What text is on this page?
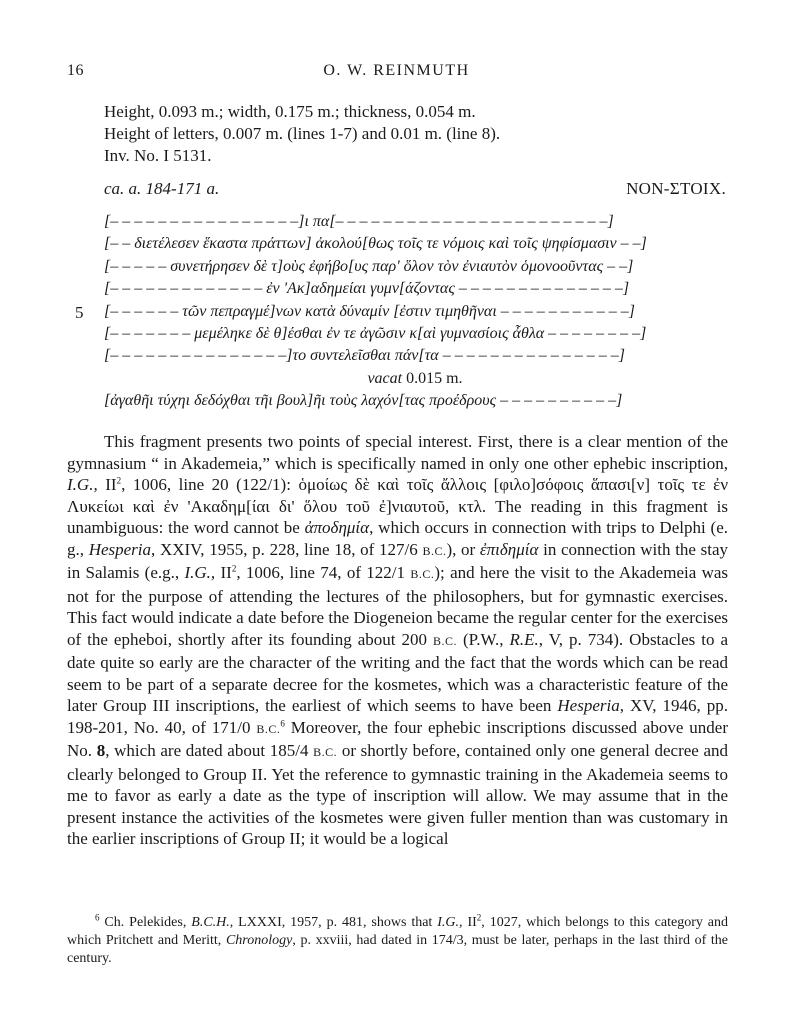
16	O. W. REINMUTH
Height, 0.093 m.; width, 0.175 m.; thickness, 0.054 m.
Height of letters, 0.007 m. (lines 1-7) and 0.01 m. (line 8).
Inv. No. I 5131.
ca. a. 184-171 a.	NON-ΣΤΟΙΧ.
5
[– – – – – – – – – – – – – – – –]ι πα[– – – – – – – – – – – – – – – – – – – – – – –]
[– – διετέλεσεν ἕκαστα πράττων] ἀκολού[θως τοῖς τε νόμοις καὶ τοῖς ψηφίσμασιν – –]
[– – – – – συνετήρησεν δὲ τ]οὺς ἐφήβο[υς παρ' ὅλον τὸν ἐνιαυτὸν ὁμονοοῦντας – –]
[– – – – – – – – – – – – – ἐν 'Ακ]αδημείαι γυμν[άζοντας – – – – – – – – – – – – – –]
[– – – – – – τῶν πεπραγμέ]νων κατὰ δύναμίν [ἐστιν τιμηθῆναι – – – – – – – – – – –]
[– – – – – – – μεμέληκε δὲ θ]έσθαι ἐν τε ἀγῶσιν κ[αὶ γυμνασίοις ἆθλα – – – – – – – –]
[– – – – – – – – – – – – – – –]το συντελεῖσθαι πάν[τα – – – – – – – – – – – – – – –]
vacat 0.015 m.
[ἀγαθῆι τύχηι δεδόχθαι τῆι βουλ]ῆι τοὺς λαχόν[τας προέδρους – – – – – – – – – –]

This fragment presents two points of special interest. First, there is a clear mention of the gymnasium “ in Akademeia,” which is specifically named in only one other ephebic inscription, I.G., $II^2$, 1006, line 20 (122/1): ὁμοίως δὲ καὶ τοῖς ἄλλοις [φιλο]σόφοις ἅπασι[ν] τοῖς τε ἐν Λυκείωι καὶ ἐν 'Ακαδημ[ίαι δι' ὅλου τοῦ ἐ]νιαυτοῦ, κτλ. The reading in this fragment is unambiguous: the word cannot be ἀποδημία, which occurs in connection with trips to Delphi (e. g., Hesperia, XXIV, 1955, p. 228, line 18, of 127/6 B.C.), or ἐπιδημία in connection with the stay in Salamis (e.g., I.G., $II^2$, 1006, line 74, of 122/1 B.C.); and here the visit to the Akademeia was not for the purpose of attending the lectures of the philosophers, but for gymnastic exercises. This fact would indicate a date before the Diogeneion became the regular center for the exercises of the epheboi, shortly after its founding about 200 B.C. (P.W., R.E., V, p. 734). Obstacles to a date quite so early are the character of the writing and the fact that the words which can be read seem to be part of a separate decree for the kosmetes, which was a characteristic feature of the later Group III inscriptions, the earliest of which seems to have been Hesperia, XV, 1946, pp. 198-201, No. 40, of 171/0 B.C.$^6$ Moreover, the four ephebic inscriptions discussed above under No. 8, which are dated about 185/4 B.C. or shortly before, contained only one general decree and clearly belonged to Group II. Yet the reference to gymnastic training in the Akademeia seems to me to favor as early a date as the type of inscription will allow. We may assume that in the present instance the activities of the kosmetes were given fuller mention than was customary in the earlier inscriptions of Group II; it would be a logical

$^6$ Ch. Pelekides, B.C.H., LXXXI, 1957, p. 481, shows that I.G., $II^2$, 1027, which belongs to this category and which Pritchett and Meritt, Chronology, p. xxviii, had dated in 174/3, must be later, perhaps in the last third of the century.
